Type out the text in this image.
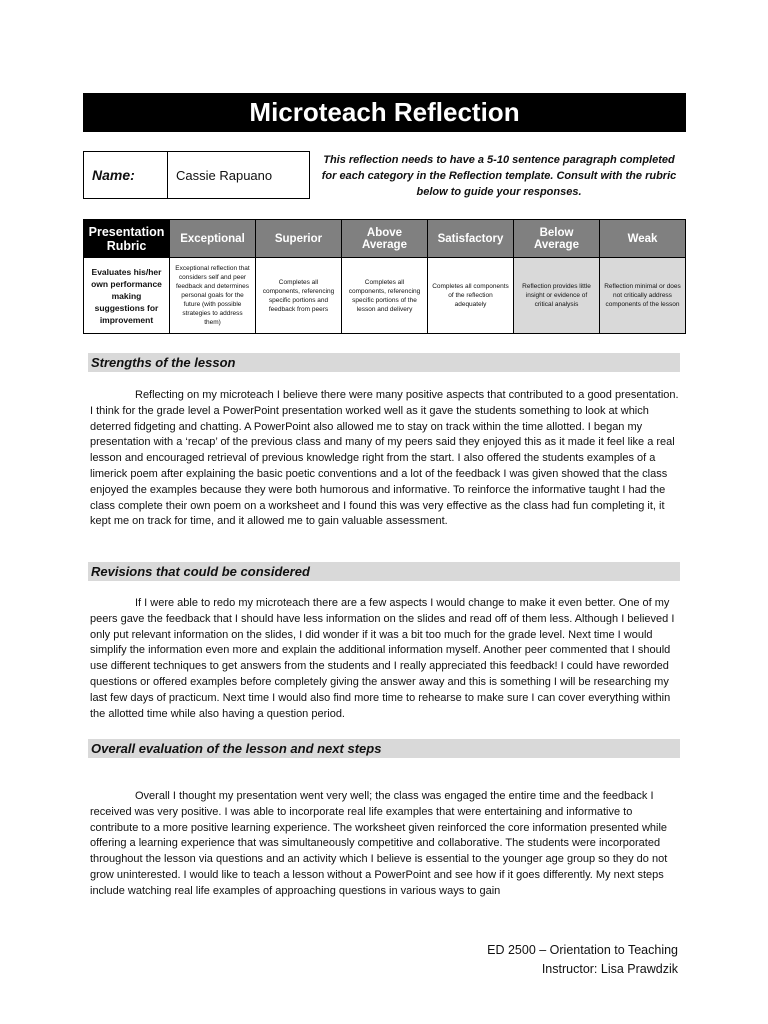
Microteach Reflection
Name:	Cassie Rapuano
This reflection needs to have a 5-10 sentence paragraph completed for each category in the Reflection template. Consult with the rubric below to guide your responses.
Presentation Rubric	Exceptional	Superior	Above Average	Satisfactory	Below Average	Weak
Evaluates his/her own performance making suggestions for improvement	Exceptional reflection that considers self and peer feedback and determines personal goals for the future (with possible strategies to address them)	Completes all components, referencing specific portions and feedback from peers	Completes all components, referencing specific portions of the lesson and delivery	Completes all components of the reflection adequately	Reflection provides little insight or evidence of critical analysis	Reflection minimal or does not critically address components of the lesson
Strengths of the lesson
Reflecting on my microteach I believe there were many positive aspects that contributed to a good presentation. I think for the grade level a PowerPoint presentation worked well as it gave the students something to look at which deterred fidgeting and chatting. A PowerPoint also allowed me to stay on track within the time allotted. I began my presentation with a ‘recap’ of the previous class and many of my peers said they enjoyed this as it made it feel like a real lesson and encouraged retrieval of previous knowledge right from the start. I also offered the students examples of a limerick poem after explaining the basic poetic conventions and a lot of the feedback I was given showed that the class enjoyed the examples because they were both humorous and informative. To reinforce the informative taught I had the class complete their own poem on a worksheet and I found this was very effective as the class had fun completing it, it kept me on track for time, and it allowed me to gain valuable assessment.
Revisions that could be considered
If I were able to redo my microteach there are a few aspects I would change to make it even better. One of my peers gave the feedback that I should have less information on the slides and read off of them less. Although I believed I only put relevant information on the slides, I did wonder if it was a bit too much for the grade level. Next time I would simplify the information even more and explain the additional information myself. Another peer commented that I should use different techniques to get answers from the students and I really appreciated this feedback! I could have reworded questions or offered examples before completely giving the answer away and this is something I will be researching my last few days of practicum. Next time I would also find more time to rehearse to make sure I can cover everything within the allotted time while also having a question period.
Overall evaluation of the lesson and next steps
Overall I thought my presentation went very well; the class was engaged the entire time and the feedback I received was very positive. I was able to incorporate real life examples that were entertaining and informative to contribute to a more positive learning experience. The worksheet given reinforced the core information presented while offering a learning experience that was simultaneously competitive and collaborative. The students were incorporated throughout the lesson via questions and an activity which I believe is essential to the younger age group so they do not grow uninterested. I would like to teach a lesson without a PowerPoint and see how if it goes differently. My next steps include watching real life examples of approaching questions in various ways to gain
ED 2500 – Orientation to Teaching
Instructor: Lisa Prawdzik
